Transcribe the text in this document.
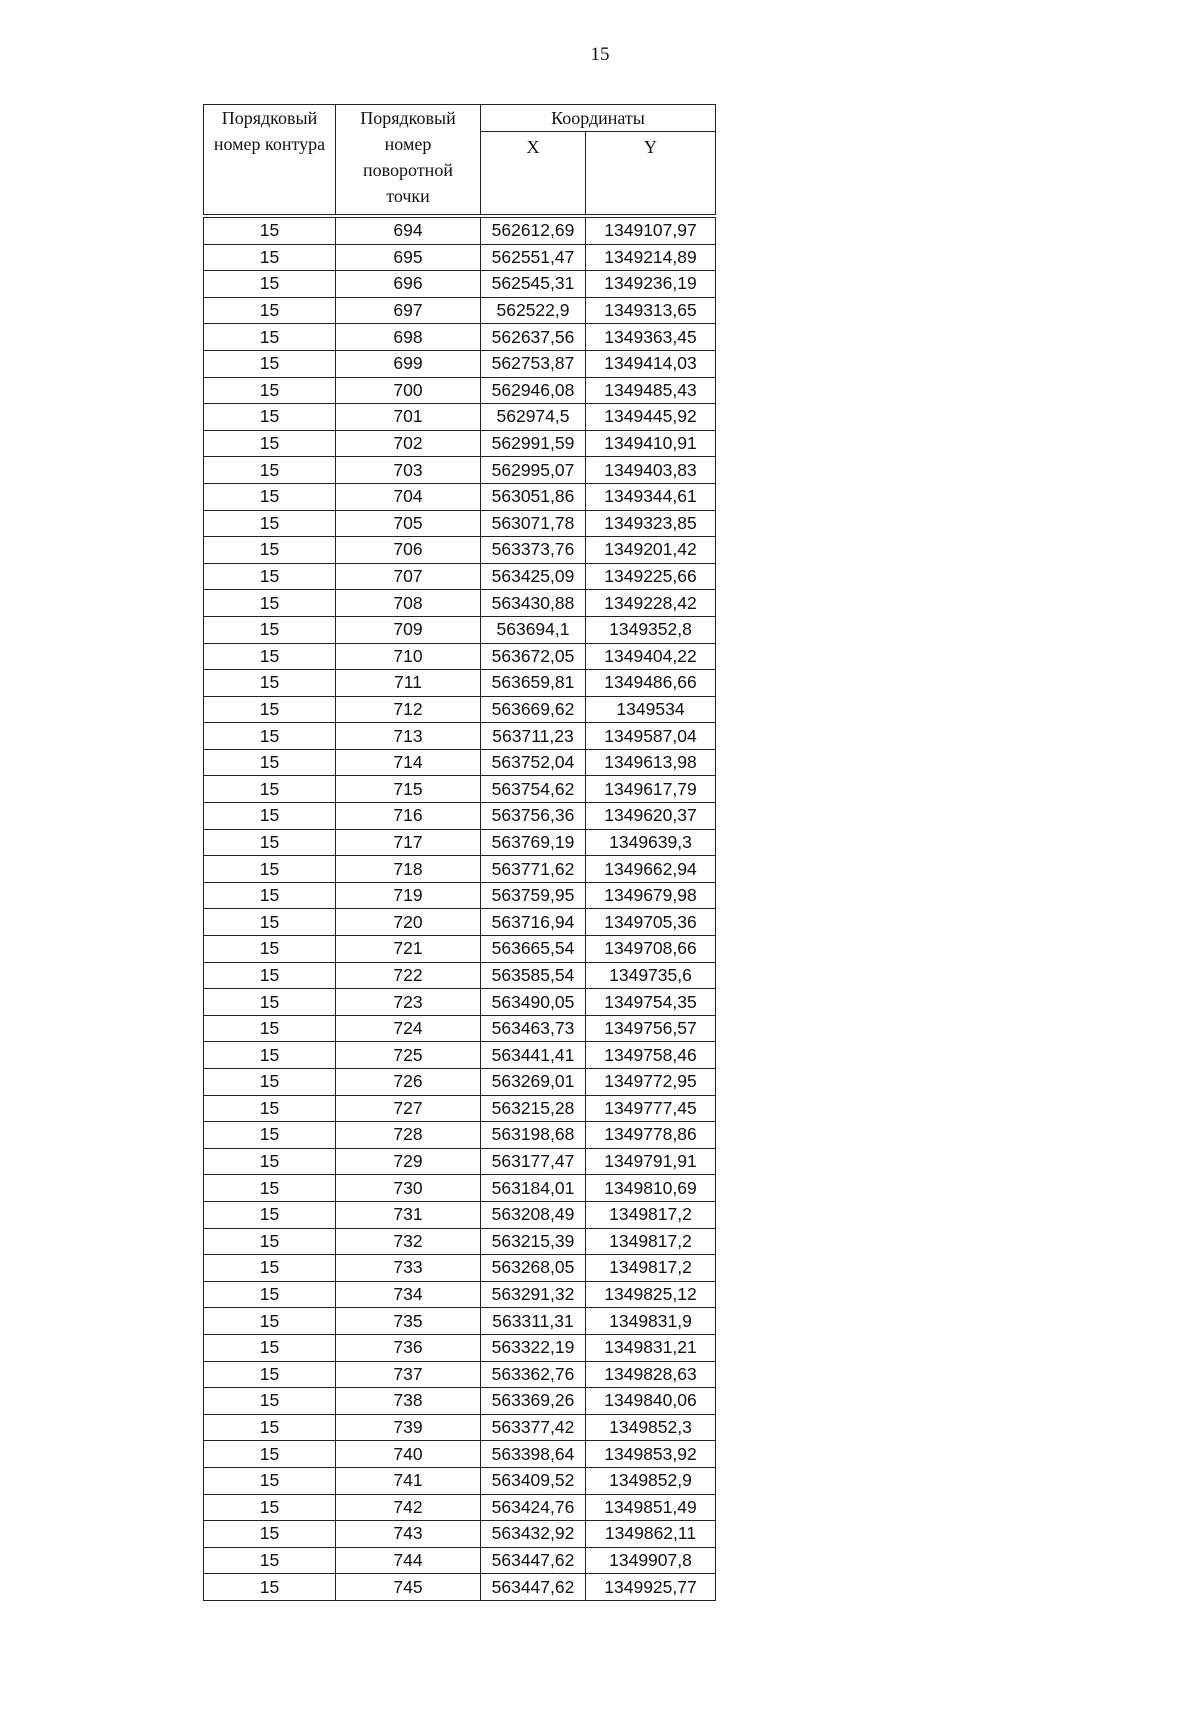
15
Порядковый номер контура	Порядковый номер поворотной точки	Координаты	
		X	Y
15	694	562612,69	1349107,97
15	695	562551,47	1349214,89
15	696	562545,31	1349236,19
15	697	562522,9	1349313,65
15	698	562637,56	1349363,45
15	699	562753,87	1349414,03
15	700	562946,08	1349485,43
15	701	562974,5	1349445,92
15	702	562991,59	1349410,91
15	703	562995,07	1349403,83
15	704	563051,86	1349344,61
15	705	563071,78	1349323,85
15	706	563373,76	1349201,42
15	707	563425,09	1349225,66
15	708	563430,88	1349228,42
15	709	563694,1	1349352,8
15	710	563672,05	1349404,22
15	711	563659,81	1349486,66
15	712	563669,62	1349534
15	713	563711,23	1349587,04
15	714	563752,04	1349613,98
15	715	563754,62	1349617,79
15	716	563756,36	1349620,37
15	717	563769,19	1349639,3
15	718	563771,62	1349662,94
15	719	563759,95	1349679,98
15	720	563716,94	1349705,36
15	721	563665,54	1349708,66
15	722	563585,54	1349735,6
15	723	563490,05	1349754,35
15	724	563463,73	1349756,57
15	725	563441,41	1349758,46
15	726	563269,01	1349772,95
15	727	563215,28	1349777,45
15	728	563198,68	1349778,86
15	729	563177,47	1349791,91
15	730	563184,01	1349810,69
15	731	563208,49	1349817,2
15	732	563215,39	1349817,2
15	733	563268,05	1349817,2
15	734	563291,32	1349825,12
15	735	563311,31	1349831,9
15	736	563322,19	1349831,21
15	737	563362,76	1349828,63
15	738	563369,26	1349840,06
15	739	563377,42	1349852,3
15	740	563398,64	1349853,92
15	741	563409,52	1349852,9
15	742	563424,76	1349851,49
15	743	563432,92	1349862,11
15	744	563447,62	1349907,8
15	745	563447,62	1349925,77
